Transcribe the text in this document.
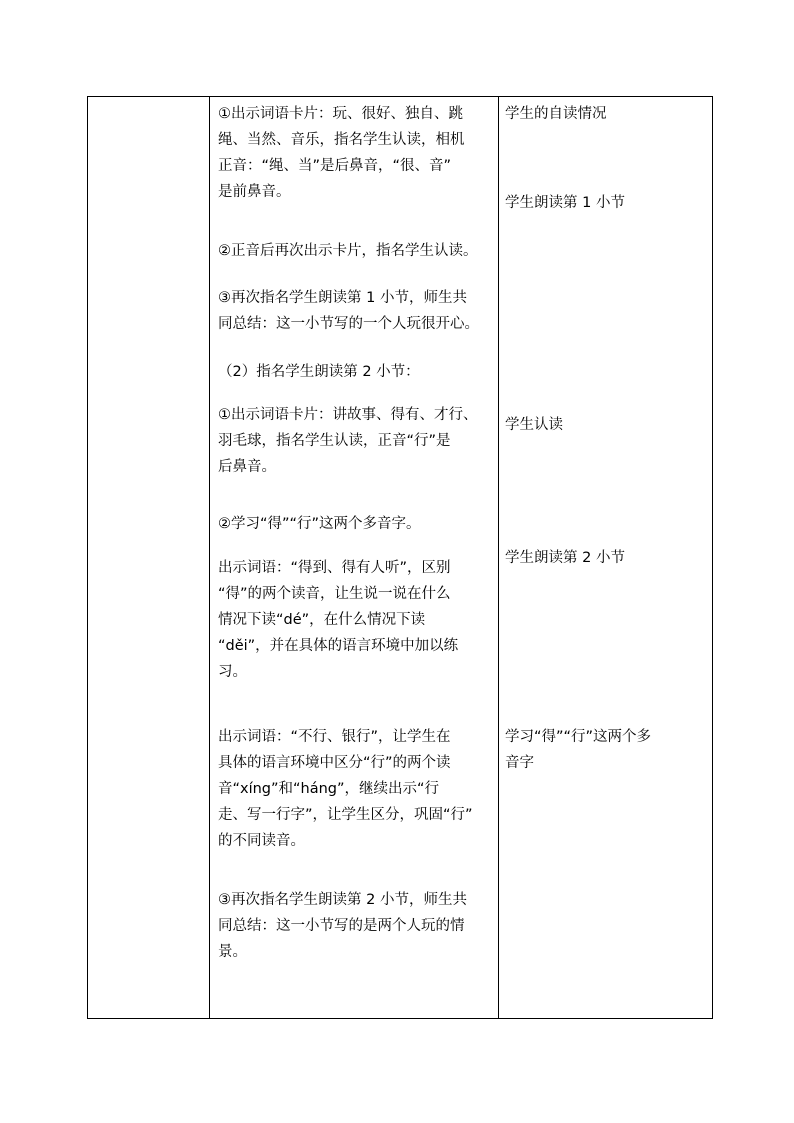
①出示词语卡片：玩、很好、独自、跳
绳、当然、音乐，指名学生认读，相机
正音：“绳、当”是后鼻音，“很、音”
是前鼻音。
②正音后再次出示卡片，指名学生认读。
③再次指名学生朗读第 1 小节，师生共
同总结：这一小节写的一个人玩很开心。
（2）指名学生朗读第 2 小节：
①出示词语卡片：讲故事、得有、才行、
羽毛球，指名学生认读，正音“行”是
后鼻音。
②学习“得”“行”这两个多音字。
出示词语：“得到、得有人听”，区别
“得”的两个读音，让生说一说在什么
情况下读“dé”，在什么情况下读
“děi”，并在具体的语言环境中加以练
习。
出示词语：“不行、银行”，让学生在
具体的语言环境中区分“行”的两个读
音“xíng”和“háng”，继续出示“行
走、写一行字”，让学生区分，巩固“行”
的不同读音。
③再次指名学生朗读第 2 小节，师生共
同总结：这一小节写的是两个人玩的情
景。
学生的自读情况
学生朗读第 1 小节
学生认读
学生朗读第 2 小节
学习“得”“行”这两个多
音字
